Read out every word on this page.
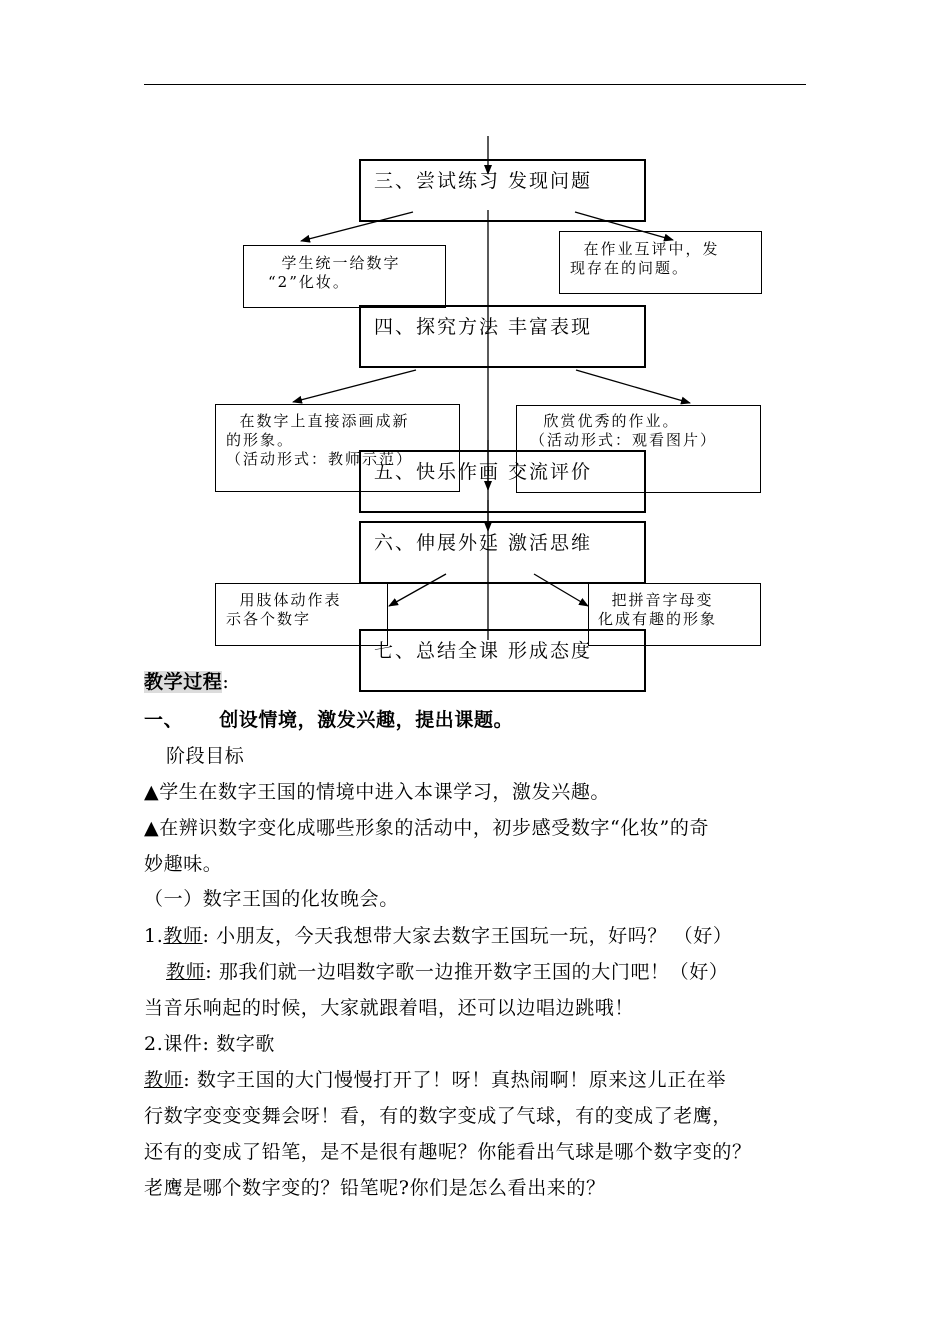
三、尝试练习 发现问题
学生统一给数字
“2”化妆。
在作业互评中，发
现存在的问题。
四、探究方法 丰富表现
在数字上直接添画成新
的形象。
（活动形式：教师示范）
欣赏优秀的作业。
（活动形式：观看图片）
五、快乐作画 交流评价
六、伸展外延 激活思维
用肢体动作表
示各个数字
把拼音字母变
化成有趣的形象
七、总结全课 形成态度
教学过程:
一、 创设情境，激发兴趣，提出课题。
阶段目标
▲学生在数字王国的情境中进入本课学习，激发兴趣。
▲在辨识数字变化成哪些形象的活动中，初步感受数字“化妆”的奇
妙趣味。
（一）数字王国的化妆晚会。
1.教师: 小朋友，今天我想带大家去数字王国玩一玩，好吗？ （好）
教师: 那我们就一边唱数字歌一边推开数字王国的大门吧！（好）
当音乐响起的时候，大家就跟着唱，还可以边唱边跳哦！
2.课件: 数字歌
教师: 数字王国的大门慢慢打开了！呀！真热闹啊！原来这儿正在举
行数字变变变舞会呀！看，有的数字变成了气球，有的变成了老鹰，
还有的变成了铅笔，是不是很有趣呢？你能看出气球是哪个数字变的？
老鹰是哪个数字变的？铅笔呢?你们是怎么看出来的？
